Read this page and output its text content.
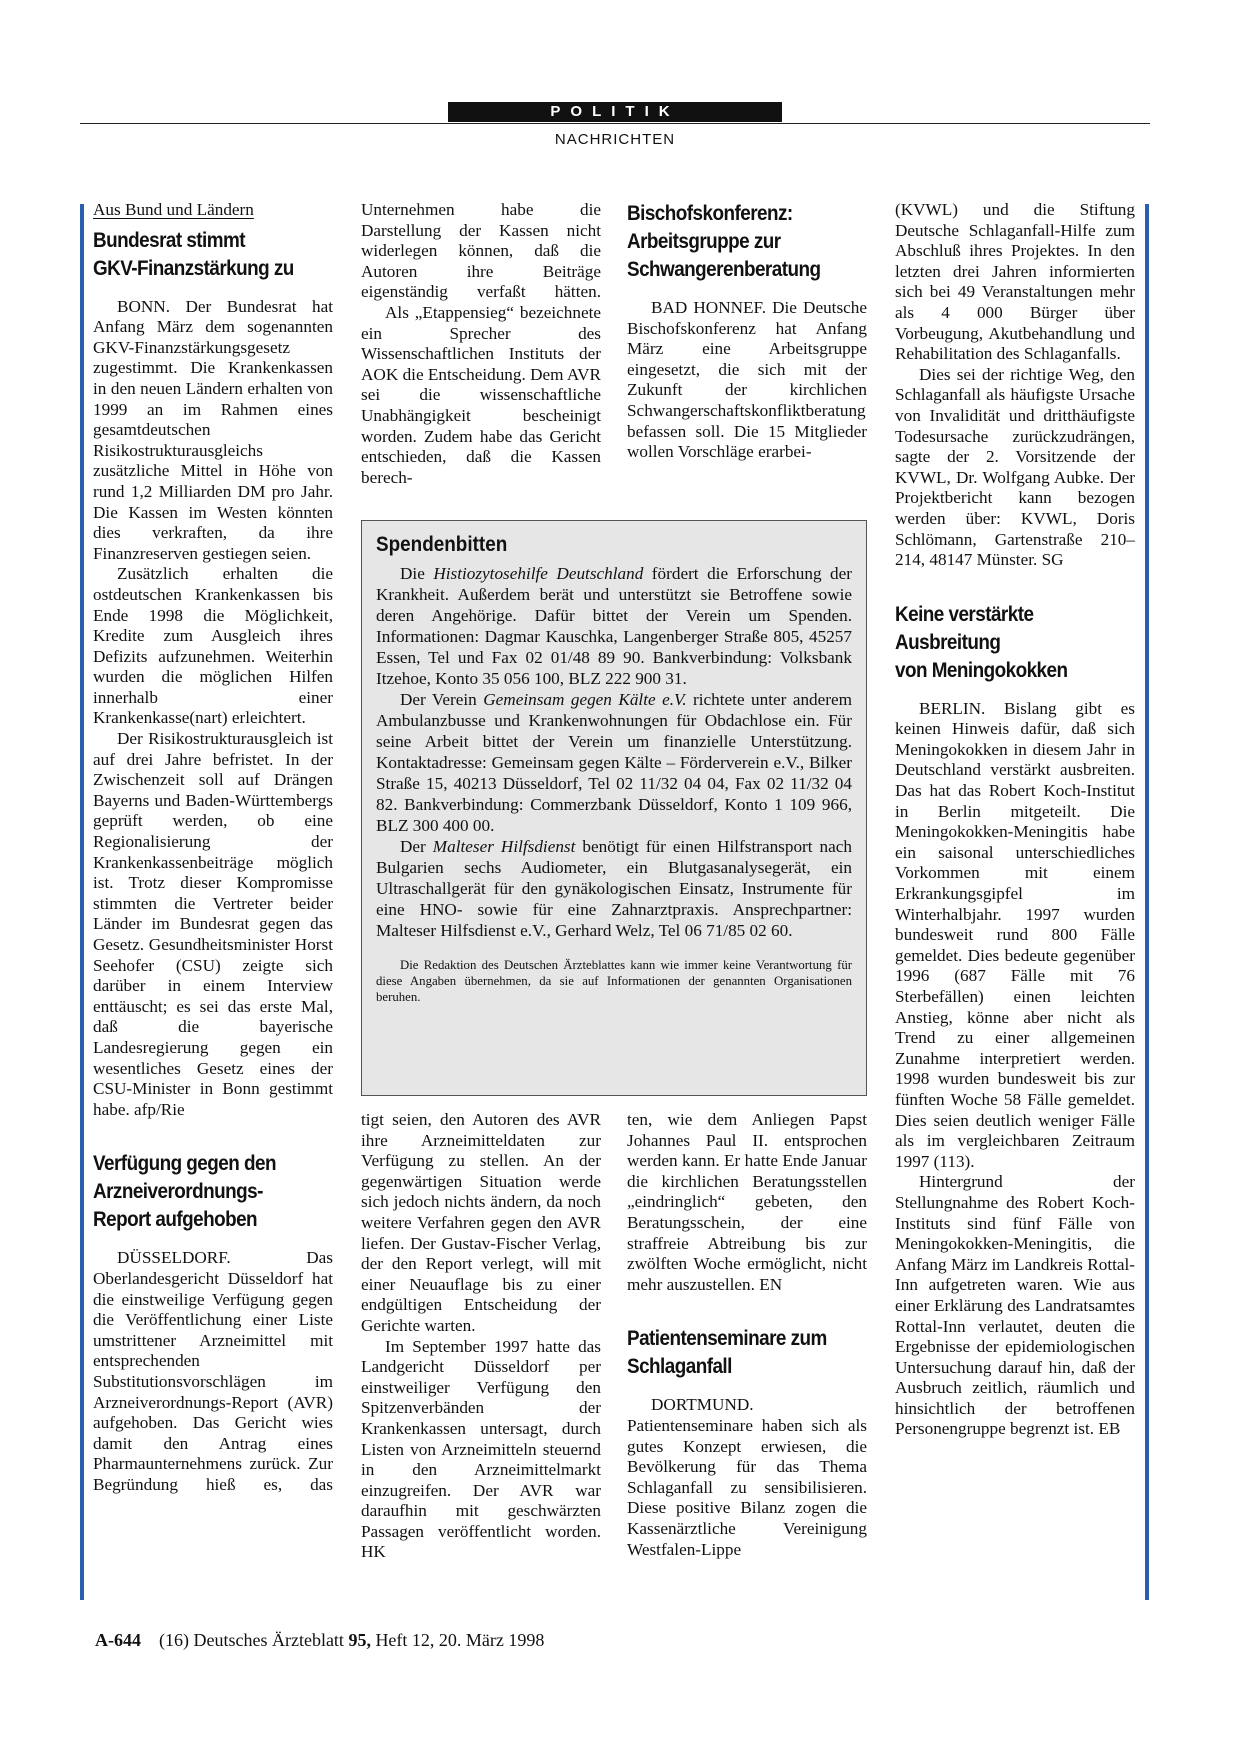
POLITIK
NACHRICHTEN
Aus Bund und Ländern
Bundesrat stimmt
GKV-Finanzstärkung zu

BONN. Der Bundesrat hat Anfang März dem sogenannten GKV-Finanzstärkungsgesetz zugestimmt. Die Krankenkassen in den neuen Ländern erhalten von 1999 an im Rahmen eines gesamtdeutschen Risikostrukturausgleichs zusätzliche Mittel in Höhe von rund 1,2 Milliarden DM pro Jahr. Die Kassen im Westen könnten dies verkraften, da ihre Finanzreserven gestiegen seien.

Zusätzlich erhalten die ostdeutschen Krankenkassen bis Ende 1998 die Möglichkeit, Kredite zum Ausgleich ihres Defizits aufzunehmen. Weiterhin wurden die möglichen Hilfen innerhalb einer Krankenkasse(nart) erleichtert.

Der Risikostrukturausgleich ist auf drei Jahre befristet. In der Zwischenzeit soll auf Drängen Bayerns und Baden-Württembergs geprüft werden, ob eine Regionalisierung der Krankenkassenbeiträge möglich ist. Trotz dieser Kompromisse stimmten die Vertreter beider Länder im Bundesrat gegen das Gesetz. Gesundheitsminister Horst Seehofer (CSU) zeigte sich darüber in einem Interview enttäuscht; es sei das erste Mal, daß die bayerische Landesregierung gegen ein wesentliches Gesetz eines der CSU-Minister in Bonn gestimmt habe. afp/Rie

Verfügung gegen den
Arzneiverordnungs-
Report aufgehoben

DÜSSELDORF. Das Oberlandesgericht Düsseldorf hat die einstweilige Verfügung gegen die Veröffentlichung einer Liste umstrittener Arzneimittel mit entsprechenden Substitutionsvorschlägen im Arzneiverordnungs-Report (AVR) aufgehoben. Das Gericht wies damit den Antrag eines Pharmaunternehmens zurück. Zur Begründung hieß es, das

Unternehmen habe die Darstellung der Kassen nicht widerlegen können, daß die Autoren ihre Beiträge eigenständig verfaßt hätten.

Als „Etappensieg“ bezeichnete ein Sprecher des Wissenschaftlichen Instituts der AOK die Entscheidung. Dem AVR sei die wissenschaftliche Unabhängigkeit bescheinigt worden. Zudem habe das Gericht entschieden, daß die Kassen berech-

Bischofskonferenz:
Arbeitsgruppe zur
Schwangerenberatung

BAD HONNEF. Die Deutsche Bischofskonferenz hat Anfang März eine Arbeitsgruppe eingesetzt, die sich mit der Zukunft der kirchlichen Schwangerschaftskonfliktberatung befassen soll. Die 15 Mitglieder wollen Vorschläge erarbei-

Spendenbitten

Die Histiozytosehilfe Deutschland fördert die Erforschung der Krankheit. Außerdem berät und unterstützt sie Betroffene sowie deren Angehörige. Dafür bittet der Verein um Spenden. Informationen: Dagmar Kauschka, Langenberger Straße 805, 45257 Essen, Tel und Fax 02 01/48 89 90. Bankverbindung: Volksbank Itzehoe, Konto 35 056 100, BLZ 222 900 31.

Der Verein Gemeinsam gegen Kälte e.V. richtete unter anderem Ambulanzbusse und Krankenwohnungen für Obdachlose ein. Für seine Arbeit bittet der Verein um finanzielle Unterstützung. Kontaktadresse: Gemeinsam gegen Kälte – Förderverein e.V., Bilker Straße 15, 40213 Düsseldorf, Tel 02 11/32 04 04, Fax 02 11/32 04 82. Bankverbindung: Commerzbank Düsseldorf, Konto 1 109 966, BLZ 300 400 00.

Der Malteser Hilfsdienst benötigt für einen Hilfstransport nach Bulgarien sechs Audiometer, ein Blutgasanalysegerät, ein Ultraschallgerät für den gynäkologischen Einsatz, Instrumente für eine HNO- sowie für eine Zahnarztpraxis. Ansprechpartner: Malteser Hilfsdienst e.V., Gerhard Welz, Tel 06 71/85 02 60.

Die Redaktion des Deutschen Ärzteblattes kann wie immer keine Verantwortung für diese Angaben übernehmen, da sie auf Informationen der genannten Organisationen beruhen.

tigt seien, den Autoren des AVR ihre Arzneimitteldaten zur Verfügung zu stellen. An der gegenwärtigen Situation werde sich jedoch nichts ändern, da noch weitere Verfahren gegen den AVR liefen. Der Gustav-Fischer Verlag, der den Report verlegt, will mit einer Neuauflage bis zu einer endgültigen Entscheidung der Gerichte warten.

Im September 1997 hatte das Landgericht Düsseldorf per einstweiliger Verfügung den Spitzenverbänden der Krankenkassen untersagt, durch Listen von Arzneimitteln steuernd in den Arzneimittelmarkt einzugreifen. Der AVR war daraufhin mit geschwärzten Passagen veröffentlicht worden. HK

ten, wie dem Anliegen Papst Johannes Paul II. entsprochen werden kann. Er hatte Ende Januar die kirchlichen Beratungsstellen „eindringlich“ gebeten, den Beratungsschein, der eine straffreie Abtreibung bis zur zwölften Woche ermöglicht, nicht mehr auszustellen. EN

Patientenseminare zum
Schlaganfall

DORTMUND. Patientenseminare haben sich als gutes Konzept erwiesen, die Bevölkerung für das Thema Schlaganfall zu sensibilisieren. Diese positive Bilanz zogen die Kassenärztliche Vereinigung Westfalen-Lippe

(KVWL) und die Stiftung Deutsche Schlaganfall-Hilfe zum Abschluß ihres Projektes. In den letzten drei Jahren informierten sich bei 49 Veranstaltungen mehr als 4 000 Bürger über Vorbeugung, Akutbehandlung und Rehabilitation des Schlaganfalls.

Dies sei der richtige Weg, den Schlaganfall als häufigste Ursache von Invalidität und dritthäufigste Todesursache zurückzudrängen, sagte der 2. Vorsitzende der KVWL, Dr. Wolfgang Aubke. Der Projektbericht kann bezogen werden über: KVWL, Doris Schlömann, Gartenstraße 210–214, 48147 Münster. SG

Keine verstärkte
Ausbreitung
von Meningokokken

BERLIN. Bislang gibt es keinen Hinweis dafür, daß sich Meningokokken in diesem Jahr in Deutschland verstärkt ausbreiten. Das hat das Robert Koch-Institut in Berlin mitgeteilt. Die Meningokokken-Meningitis habe ein saisonal unterschiedliches Vorkommen mit einem Erkrankungsgipfel im Winterhalbjahr. 1997 wurden bundesweit rund 800 Fälle gemeldet. Dies bedeute gegenüber 1996 (687 Fälle mit 76 Sterbefällen) einen leichten Anstieg, könne aber nicht als Trend zu einer allgemeinen Zunahme interpretiert werden. 1998 wurden bundesweit bis zur fünften Woche 58 Fälle gemeldet. Dies seien deutlich weniger Fälle als im vergleichbaren Zeitraum 1997 (113).

Hintergrund der Stellungnahme des Robert Koch-Instituts sind fünf Fälle von Meningokokken-Meningitis, die Anfang März im Landkreis Rottal-Inn aufgetreten waren. Wie aus einer Erklärung des Landratsamtes Rottal-Inn verlautet, deuten die Ergebnisse der epidemiologischen Untersuchung darauf hin, daß der Ausbruch zeitlich, räumlich und hinsichtlich der betroffenen Personengruppe begrenzt ist. EB

A-644 (16) Deutsches Ärzteblatt 95, Heft 12, 20. März 1998
